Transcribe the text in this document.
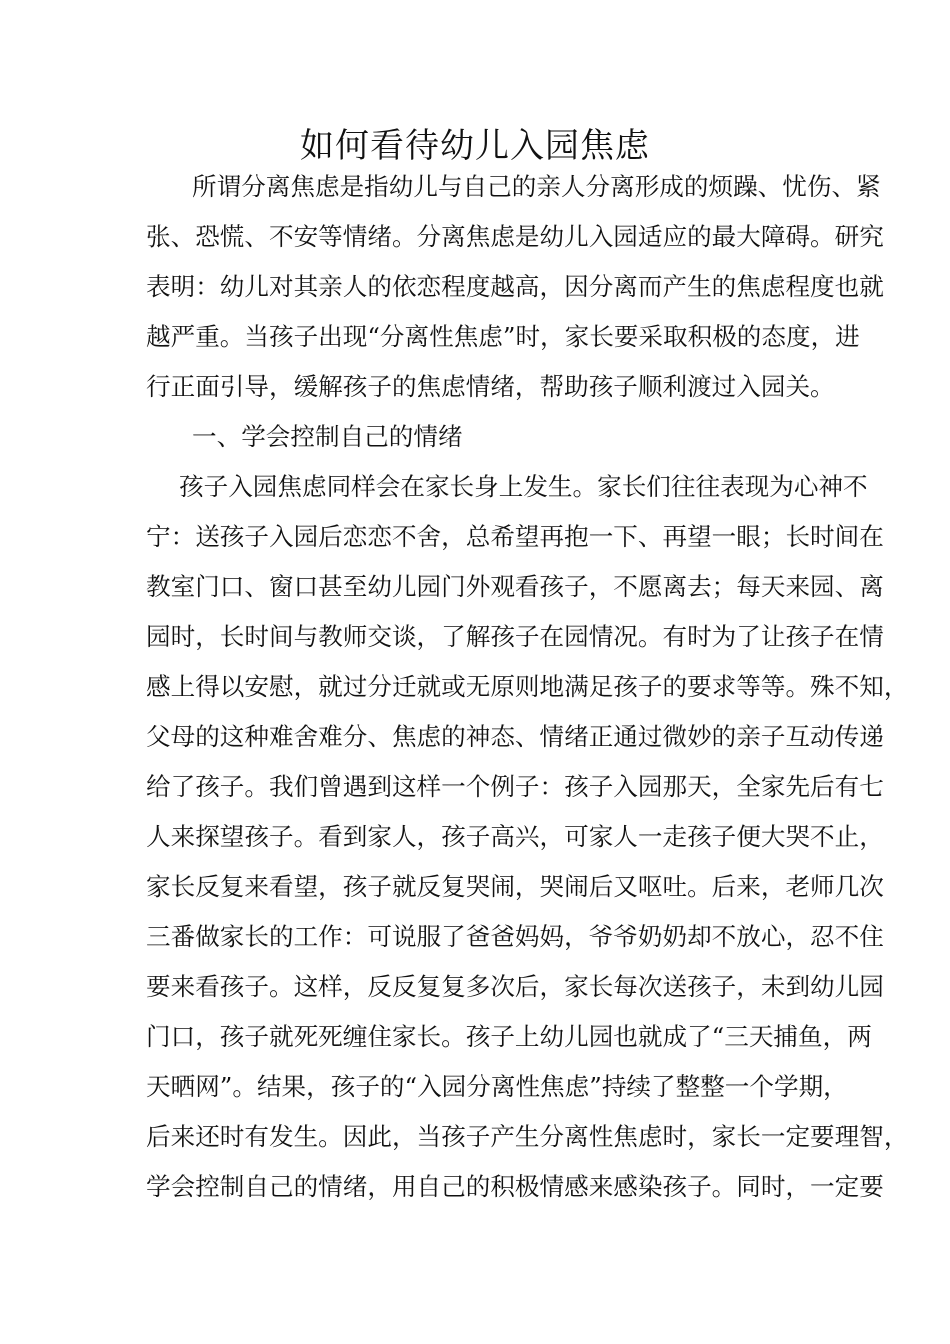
如何看待幼儿入园焦虑
所谓分离焦虑是指幼儿与自己的亲人分离形成的烦躁、忧伤、紧
张、恐慌、不安等情绪。分离焦虑是幼儿入园适应的最大障碍。研究
表明：幼儿对其亲人的依恋程度越高，因分离而产生的焦虑程度也就
越严重。当孩子出现“分离性焦虑”时，家长要采取积极的态度，进
行正面引导，缓解孩子的焦虑情绪，帮助孩子顺利渡过入园关。
一、学会控制自己的情绪
孩子入园焦虑同样会在家长身上发生。家长们往往表现为心神不
宁：送孩子入园后恋恋不舍，总希望再抱一下、再望一眼；长时间在
教室门口、窗口甚至幼儿园门外观看孩子，不愿离去；每天来园、离
园时，长时间与教师交谈，了解孩子在园情况。有时为了让孩子在情
感上得以安慰，就过分迁就或无原则地满足孩子的要求等等。殊不知，
父母的这种难舍难分、焦虑的神态、情绪正通过微妙的亲子互动传递
给了孩子。我们曾遇到这样一个例子：孩子入园那天，全家先后有七
人来探望孩子。看到家人，孩子高兴，可家人一走孩子便大哭不止，
家长反复来看望，孩子就反复哭闹，哭闹后又呕吐。后来，老师几次
三番做家长的工作：可说服了爸爸妈妈，爷爷奶奶却不放心，忍不住
要来看孩子。这样，反反复复多次后，家长每次送孩子，未到幼儿园
门口，孩子就死死缠住家长。孩子上幼儿园也就成了“三天捕鱼，两
天晒网”。结果，孩子的“入园分离性焦虑”持续了整整一个学期，
后来还时有发生。因此，当孩子产生分离性焦虑时，家长一定要理智，
学会控制自己的情绪，用自己的积极情感来感染孩子。同时，一定要
